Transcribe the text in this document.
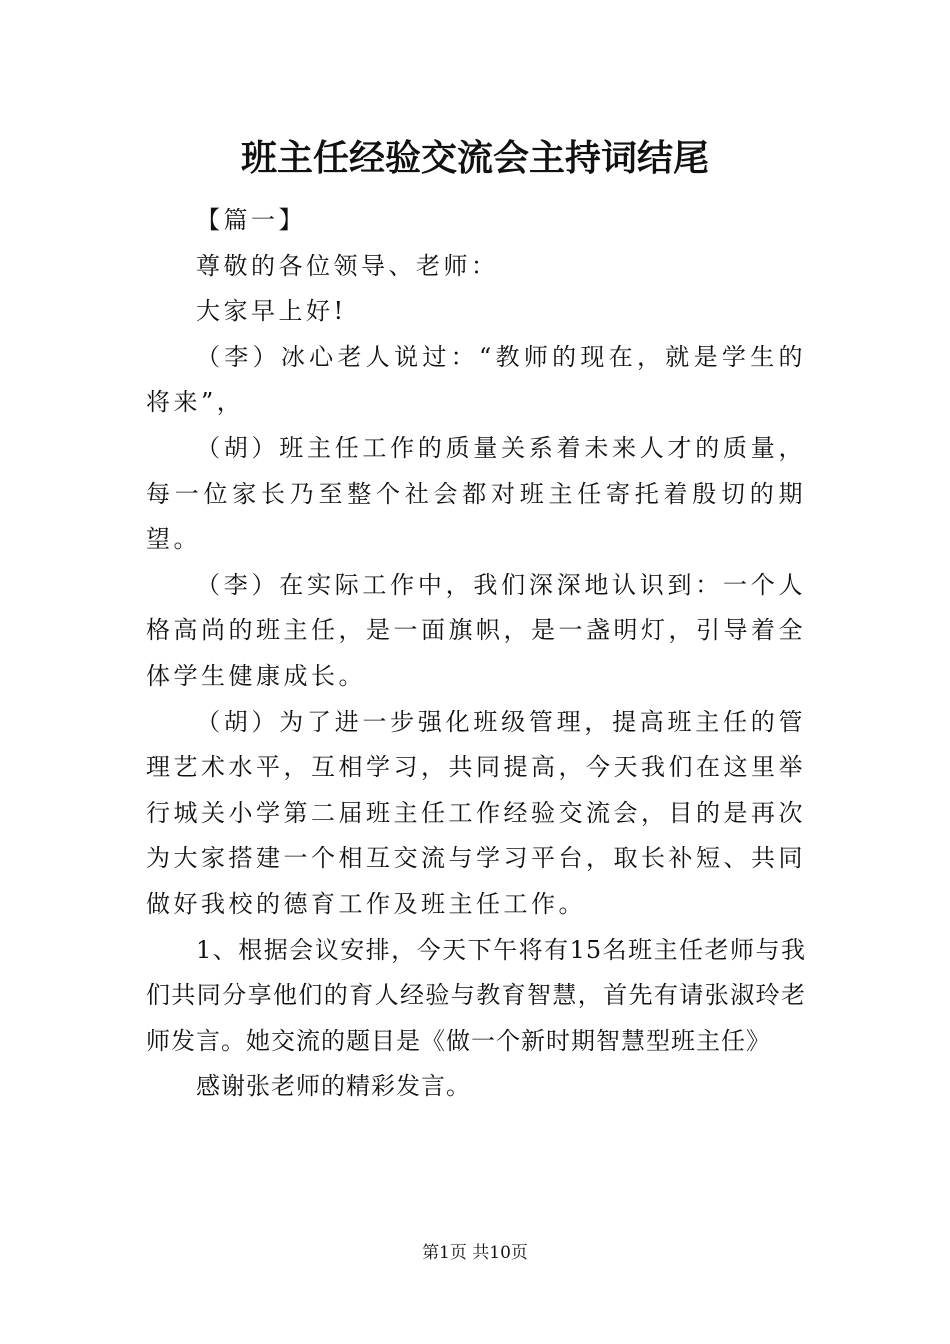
班主任经验交流会主持词结尾

【篇一】

尊敬的各位领导、老师：

大家早上好!

（李）冰心老人说过：“教师的现在，就是学生的将来”，

（胡）班主任工作的质量关系着未来人才的质量，每一位家长乃至整个社会都对班主任寄托着殷切的期望。

（李）在实际工作中，我们深深地认识到：一个人格高尚的班主任，是一面旗帜，是一盏明灯，引导着全体学生健康成长。

（胡）为了进一步强化班级管理，提高班主任的管理艺术水平，互相学习，共同提高，今天我们在这里举行城关小学第二届班主任工作经验交流会，目的是再次为大家搭建一个相互交流与学习平台，取长补短、共同做好我校的德育工作及班主任工作。

1、根据会议安排，今天下午将有15名班主任老师与我们共同分享他们的育人经验与教育智慧，首先有请张淑玲老师发言。她交流的题目是《做一个新时期智慧型班主任》

感谢张老师的精彩发言。

第1页 共10页
